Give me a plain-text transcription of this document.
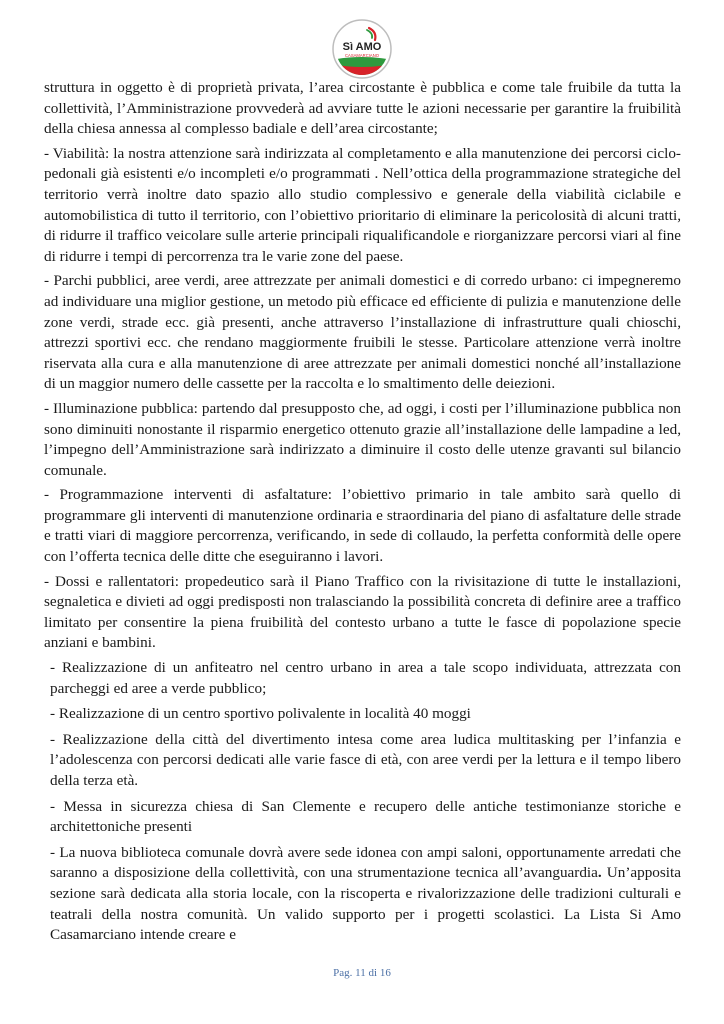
Sì AMO
CASAMARCIANO

struttura in oggetto è di proprietà privata, l’area circostante è pubblica e come tale fruibile da tutta la collettività, l’Amministrazione provvederà ad avviare tutte le azioni necessarie per garantire la fruibilità della chiesa annessa al complesso badiale e dell’area circostante;

- Viabilità: la nostra attenzione sarà indirizzata al completamento e alla manutenzione dei percorsi ciclo-pedonali già esistenti e/o incompleti e/o programmati . Nell’ottica della programmazione strategiche del territorio verrà inoltre dato spazio allo studio complessivo e generale della viabilità ciclabile e automobilistica di tutto il territorio, con l’obiettivo prioritario di eliminare la pericolosità di alcuni tratti, di ridurre il traffico veicolare sulle arterie principali riqualificandole e riorganizzare percorsi viari al fine di ridurre i tempi di percorrenza tra le varie zone del paese.

- Parchi pubblici, aree verdi, aree attrezzate per animali domestici e di corredo urbano: ci impegneremo ad individuare una miglior gestione, un metodo più efficace ed efficiente di pulizia e manutenzione delle zone verdi, strade ecc. già presenti, anche attraverso l’installazione di infrastrutture quali chioschi, attrezzi sportivi ecc. che rendano maggiormente fruibili le stesse. Particolare attenzione verrà inoltre riservata alla cura e alla manutenzione di aree attrezzate per animali domestici nonché all’installazione di un maggior numero delle cassette per la raccolta e lo smaltimento delle deiezioni.

- Illuminazione pubblica: partendo dal presupposto che, ad oggi, i costi per l’illuminazione pubblica non sono diminuiti nonostante il risparmio energetico ottenuto grazie all’installazione delle lampadine a led, l’impegno dell’Amministrazione sarà indirizzato a diminuire il costo delle utenze gravanti sul bilancio comunale.

- Programmazione interventi di asfaltature: l’obiettivo primario in tale ambito sarà quello di programmare gli interventi di manutenzione ordinaria e straordinaria del piano di asfaltature delle strade e tratti viari di maggiore percorrenza, verificando, in sede di collaudo, la perfetta conformità delle opere con l’offerta tecnica delle ditte che eseguiranno i lavori.

- Dossi e rallentatori: propedeutico sarà il Piano Traffico con la rivisitazione di tutte le installazioni, segnaletica e divieti ad oggi predisposti non tralasciando la possibilità concreta di definire aree a traffico limitato per consentire la piena fruibilità del contesto urbano a tutte le fasce di popolazione specie anziani e bambini.

- Realizzazione di un anfiteatro nel centro urbano in area a tale scopo individuata, attrezzata con parcheggi ed aree a verde pubblico;

- Realizzazione di un centro sportivo polivalente in località 40 moggi

- Realizzazione della città del divertimento intesa come area ludica multitasking per l’infanzia e l’adolescenza con percorsi dedicati alle varie fasce di età, con aree verdi per la lettura e il tempo libero della terza età.

- Messa in sicurezza chiesa di San Clemente e recupero delle antiche testimonianze storiche e architettoniche presenti

- La nuova biblioteca comunale dovrà avere sede idonea con ampi saloni, opportunamente arredati che saranno a disposizione della collettività, con una strumentazione tecnica all’avanguardia. Un’apposita sezione sarà dedicata alla storia locale, con la riscoperta e rivalorizzazione delle tradizioni culturali e teatrali della nostra comunità. Un valido supporto per i progetti scolastici. La Lista Si Amo Casamarciano intende creare e

Pag. 11 di 16
